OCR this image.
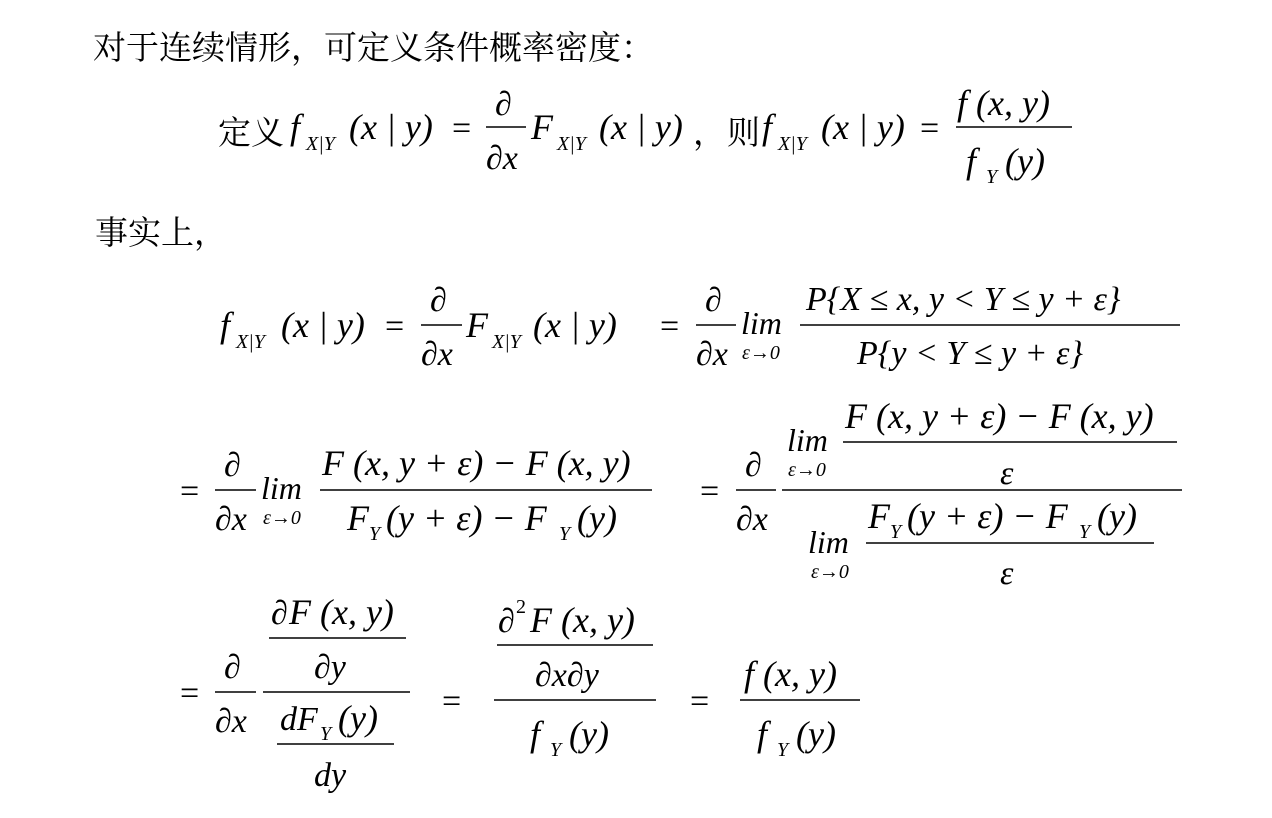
对于连续情形，可定义条件概率密度：
定义	则
，
事实上，
f X|Y (x | y) =
∂
∂x
F X|Y (x | y) f X|Y (x | y) =
f (x, y)
f Y (y)
f X|Y (x | y) =
∂
∂x
F X|Y (x | y) =
∂
∂x
lim
ε→0
P{X ≤ x, y < Y ≤ y + ε}
P{y < Y ≤ y + ε}
=
∂
∂x
lim
ε→0
F (x, y + ε) − F (x, y)
F Y (y + ε) − F Y (y)
=
∂
∂x
lim
ε→0
F (x, y + ε) − F (x, y)
ε
lim
ε→0
F Y (y + ε) − F Y (y)
ε
=
∂
∂x
∂ F (x, y)
∂y
dF Y (y)
dy
=
∂ 2 F (x, y)
∂x∂y
f Y (y)
=
f (x, y)
f Y (y)
